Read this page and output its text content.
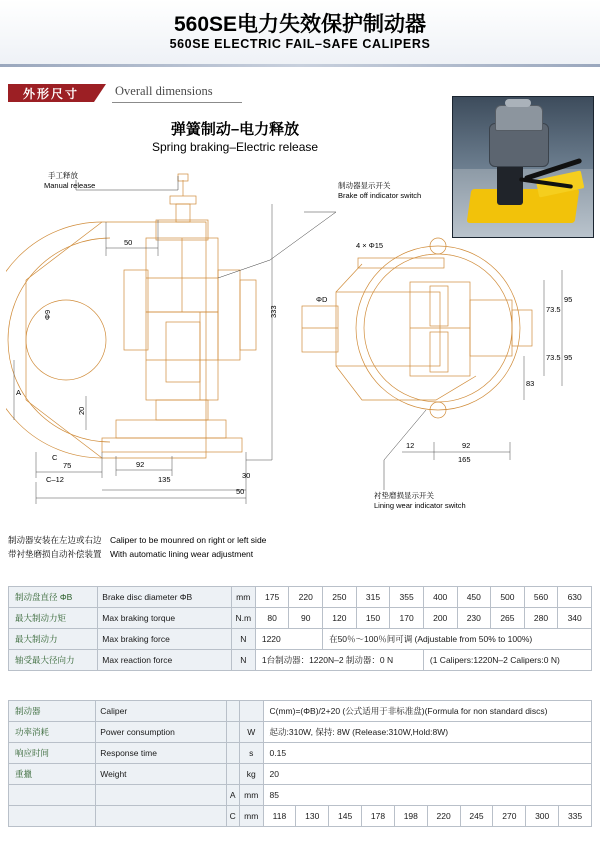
560SE电力失效保护制动器
560SE ELECTRIC FAIL–SAFE CALIPERS
外形尺寸	Overall dimensions
弹簧制动–电力释放
Spring braking–Electric release
手工释放
Manual release	制动器显示开关
Brake off indicator switch
衬垫磨损显示开关
Lining wear indicator switch
50
333
Φ9
A
20
75	92
C
C–12	135	30
50
4 × Φ15
ΦD
73.5
95
73.5 95
83
12	92
165
制动器安装在左边或右边　Caliper to be mounred on right or left side
带衬垫磨损自动补偿装置　With automatic lining wear adjustment
制动盘直径 ΦB	Brake disc diameter ΦB	mm	175	220	250	315	355	400	450	500	560	630
最大制动力矩	Max braking torque	N.m	80	90	120	150	170	200	230	265	280	340
最大制动力	Max braking force	N	1220		在50％～100％间可调 (Adjustable from 50% to 100%)							
轴受最大径向力	Max reaction force	N	1台制动器：1220N–2 制动器：0 N					(1 Calipers:1220N–2 Calipers:0 N)				
制动器	Caliper			C(mm)=(ΦB)/2+20 (公式适用于非标准盘)(Formula for non standard discs)									
功率消耗	Power consumption		W	起动:310W, 保持: 8W (Release:310W,Hold:8W)									
响应时间	Response time		s	0.15									
重擸	Weight		kg	20									
		A	mm	85									
		C	mm	118	130	145	178	198	220	245	270	300	335
